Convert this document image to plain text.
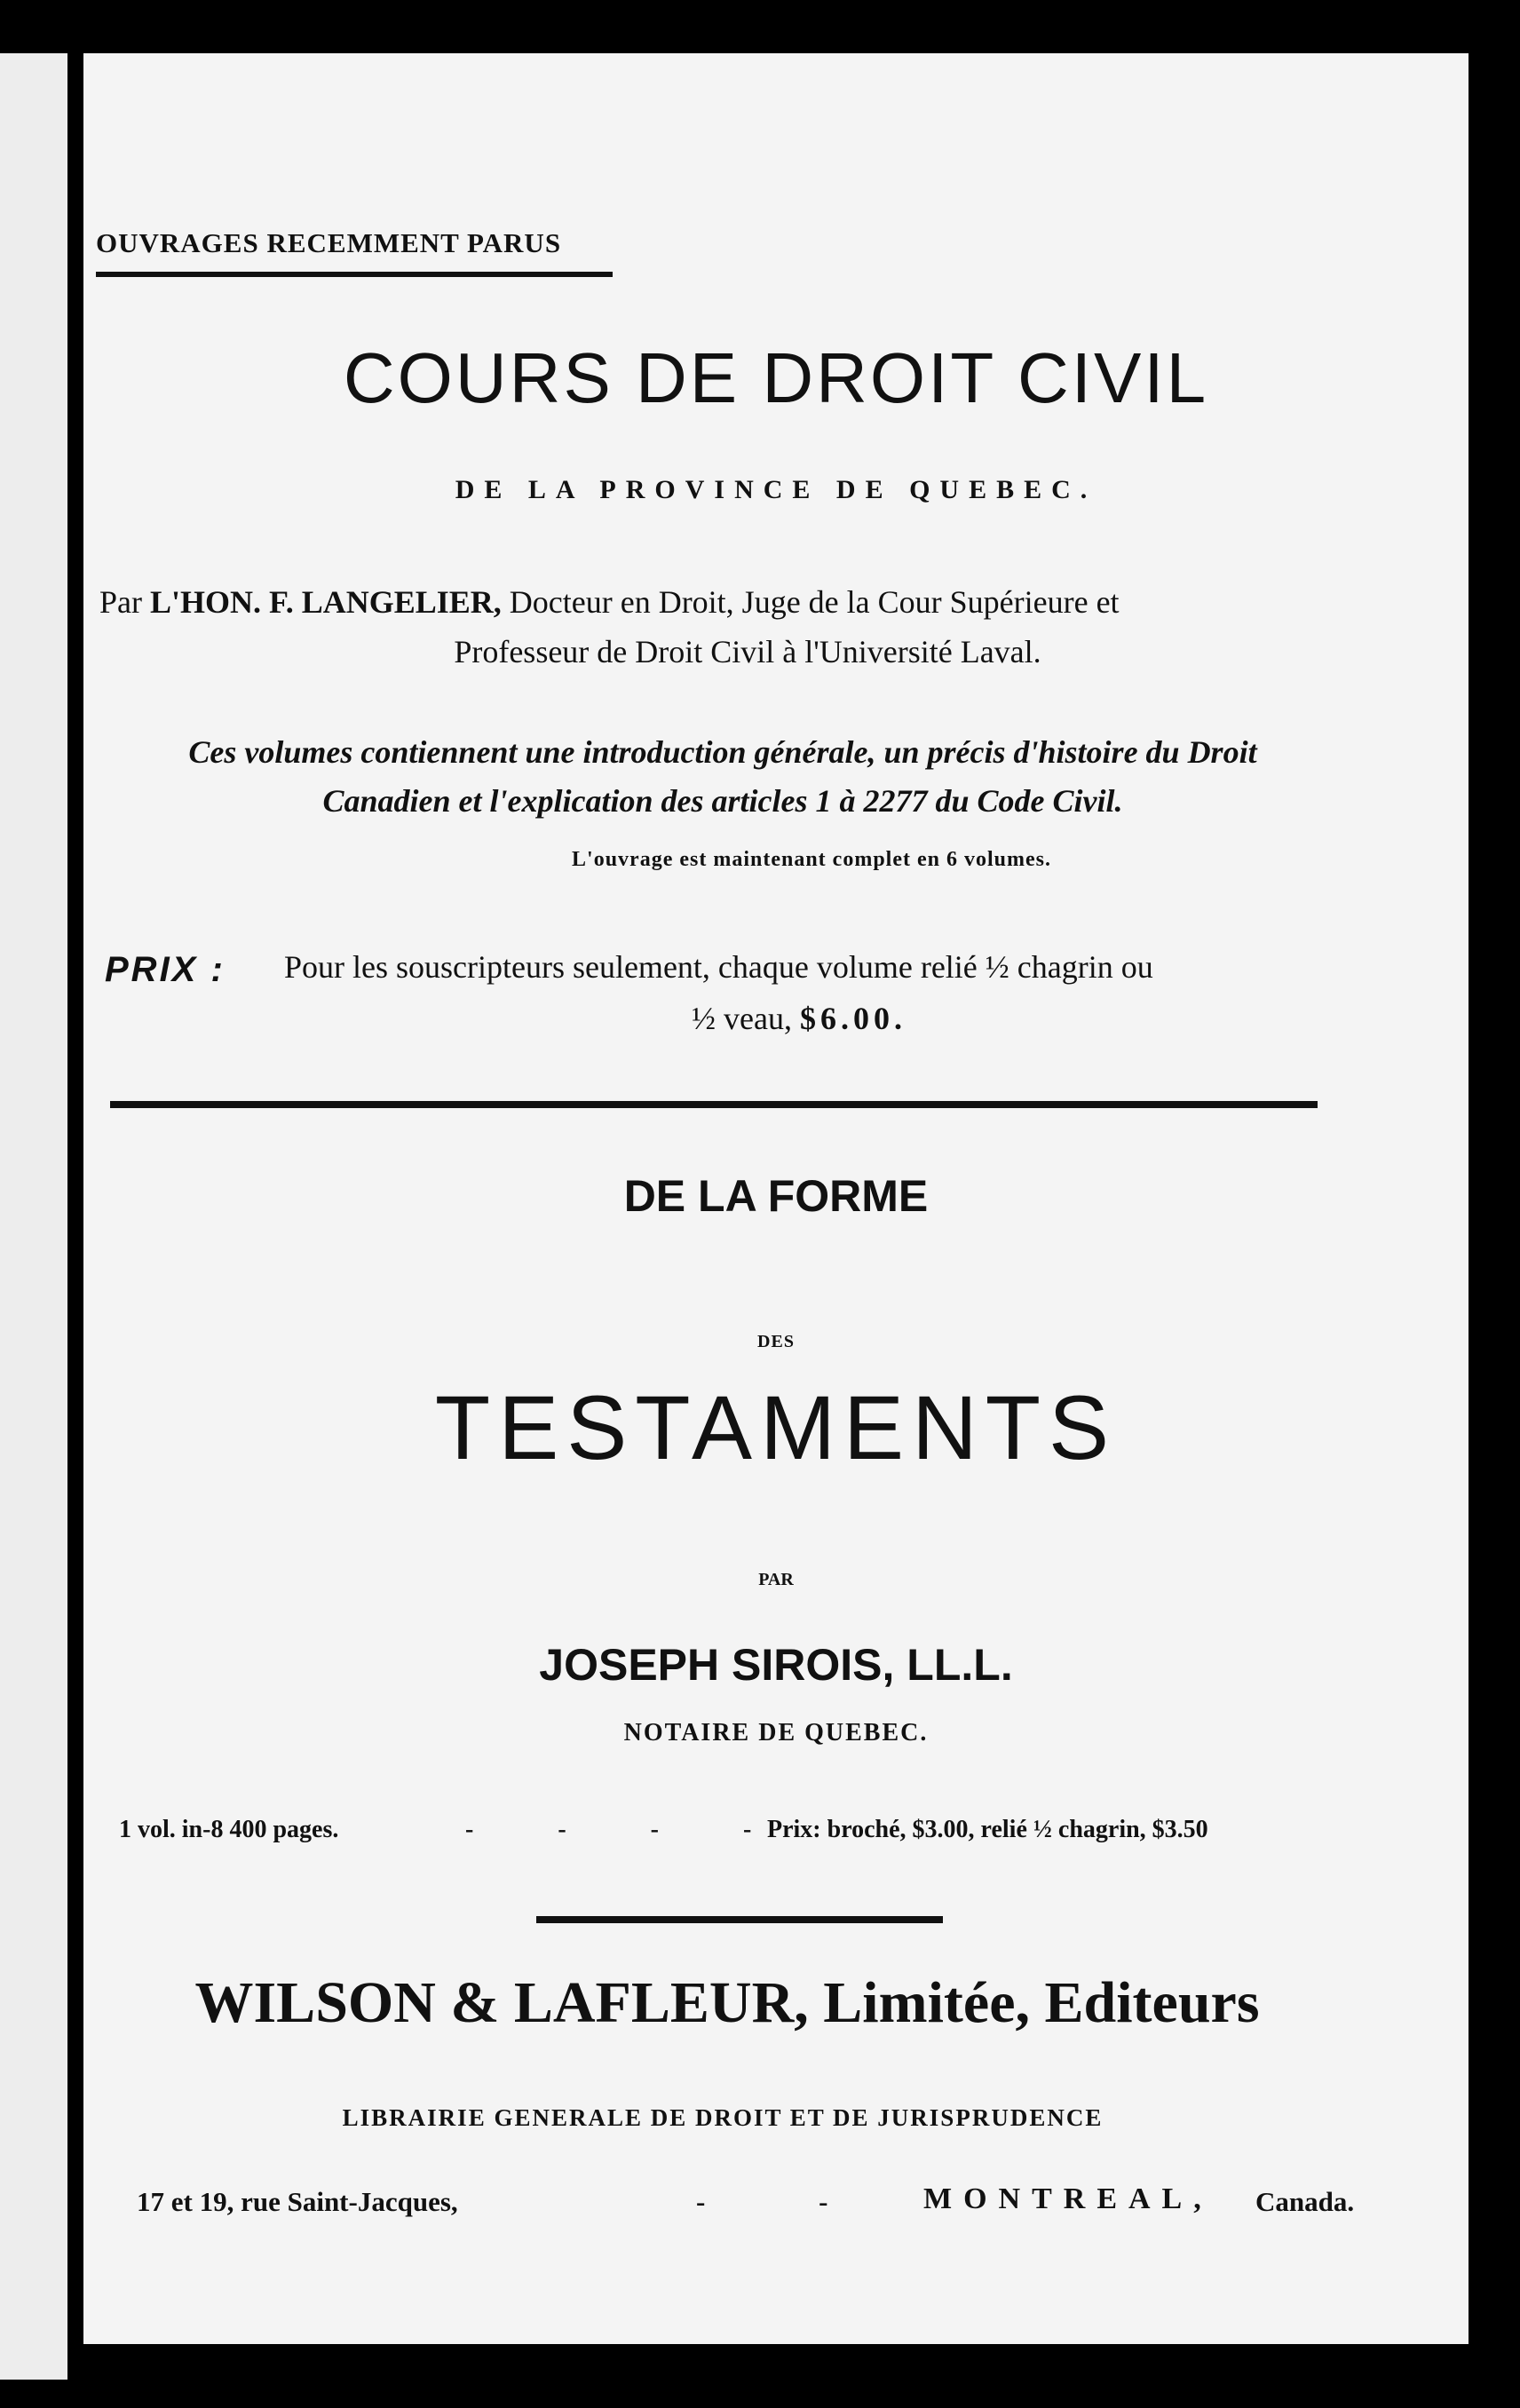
OUVRAGES RECEMMENT PARUS
COURS DE DROIT CIVIL
DE LA PROVINCE DE QUEBEC.
Par L'HON. F. LANGELIER, Docteur en Droit, Juge de la Cour Supérieure et
Professeur de Droit Civil à l'Université Laval.
Ces volumes contiennent une introduction générale, un précis d'histoire du Droit
Canadien et l'explication des articles 1 à 2277 du Code Civil.
L'ouvrage est maintenant complet en 6 volumes.
PRIX : Pour les souscripteurs seulement, chaque volume relié ½ chagrin ou
½ veau, $6.00.
DE LA FORME
DES
TESTAMENTS
PAR
JOSEPH SIROIS, LL.L.
NOTAIRE DE QUEBEC.
1 vol. in-8 400 pages.	- - - -
Prix: broché, $3.00, relié ½ chagrin, $3.50
WILSON & LAFLEUR, Limitée, Editeurs
LIBRAIRIE GENERALE DE DROIT ET DE JURISPRUDENCE
17 et 19, rue Saint-Jacques,	- - MONTREAL, Canada.
